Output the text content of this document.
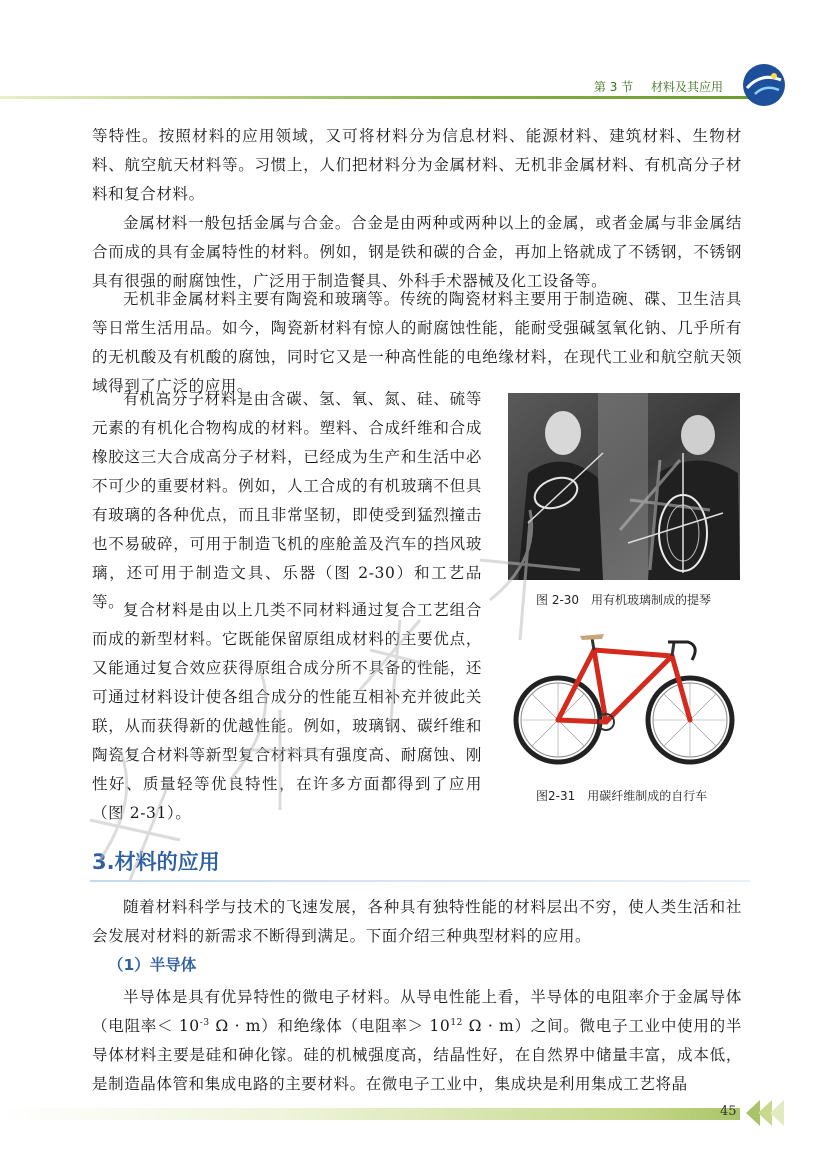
第 3 节 材料及其应用

等特性。按照材料的应用领域，又可将材料分为信息材料、能源材料、建筑材料、生物材料、航空航天材料等。习惯上，人们把材料分为金属材料、无机非金属材料、有机高分子材料和复合材料。

金属材料一般包括金属与合金。合金是由两种或两种以上的金属，或者金属与非金属结合而成的具有金属特性的材料。例如，钢是铁和碳的合金，再加上铬就成了不锈钢，不锈钢具有很强的耐腐蚀性，广泛用于制造餐具、外科手术器械及化工设备等。

无机非金属材料主要有陶瓷和玻璃等。传统的陶瓷材料主要用于制造碗、碟、卫生洁具等日常生活用品。如今，陶瓷新材料有惊人的耐腐蚀性能，能耐受强碱氢氧化钠、几乎所有的无机酸及有机酸的腐蚀，同时它又是一种高性能的电绝缘材料，在现代工业和航空航天领域得到了广泛的应用。

有机高分子材料是由含碳、氢、氧、氮、硅、硫等元素的有机化合物构成的材料。塑料、合成纤维和合成橡胶这三大合成高分子材料，已经成为生产和生活中必不可少的重要材料。例如，人工合成的有机玻璃不但具有玻璃的各种优点，而且非常坚韧，即使受到猛烈撞击也不易破碎，可用于制造飞机的座舱盖及汽车的挡风玻璃，还可用于制造文具、乐器（图 2-30）和工艺品等。

复合材料是由以上几类不同材料通过复合工艺组合而成的新型材料。它既能保留原组成材料的主要优点，又能通过复合效应获得原组合成分所不具备的性能，还可通过材料设计使各组合成分的性能互相补充并彼此关联，从而获得新的优越性能。例如，玻璃钢、碳纤维和陶瓷复合材料等新型复合材料具有强度高、耐腐蚀、刚性好、质量轻等优良特性，在许多方面都得到了应用（图 2-31）。

图 2-30　用有机玻璃制成的提琴
图2-31　用碳纤维制成的自行车
3.材料的应用

随着材料科学与技术的飞速发展，各种具有独特性能的材料层出不穷，使人类生活和社会发展对材料的新需求不断得到满足。下面介绍三种典型材料的应用。

（1）半导体

半导体是具有优异特性的微电子材料。从导电性能上看，半导体的电阻率介于金属导体（电阻率＜ $10^{-3}$ Ω · m）和绝缘体（电阻率＞ $10^{12}$ Ω · m）之间。微电子工业中使用的半导体材料主要是硅和砷化镓。硅的机械强度高，结晶性好，在自然界中储量丰富，成本低，是制造晶体管和集成电路的主要材料。在微电子工业中，集成块是利用集成工艺将晶

45
